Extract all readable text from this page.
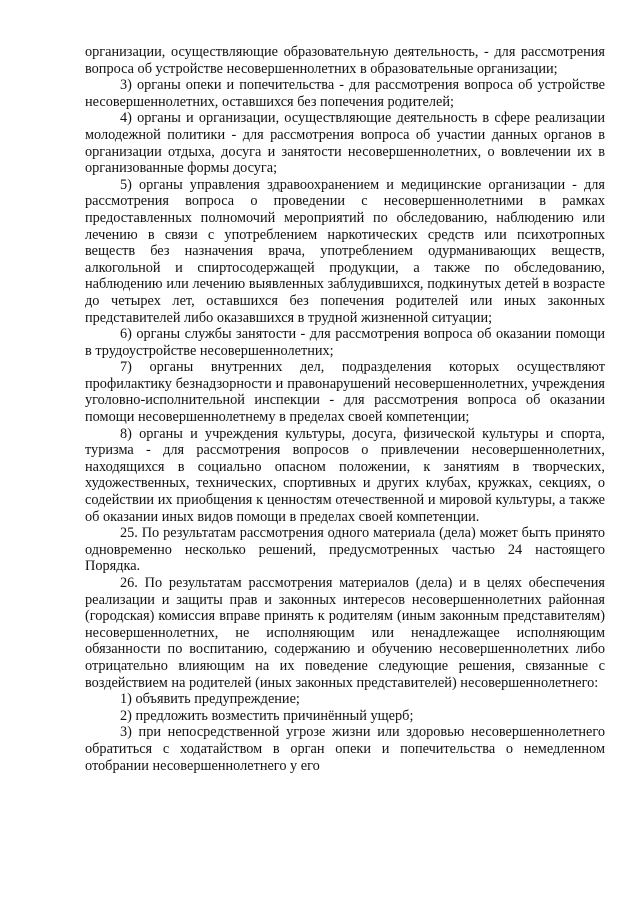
организации, осуществляющие образовательную деятельность, - для рассмотрения вопроса об устройстве несовершеннолетних в образовательные организации;

3) органы опеки и попечительства - для рассмотрения вопроса об устройстве несовершеннолетних, оставшихся без попечения родителей;

4) органы и организации, осуществляющие деятельность в сфере реализации молодежной политики - для рассмотрения вопроса об участии данных органов в организации отдыха, досуга и занятости несовершеннолетних, о вовлечении их в организованные формы досуга;

5) органы управления здравоохранением и медицинские организации - для рассмотрения вопроса о проведении с несовершеннолетними в рамках предоставленных полномочий мероприятий по обследованию, наблюдению или лечению в связи с употреблением наркотических средств или психотропных веществ без назначения врача, употреблением одурманивающих веществ, алкогольной и спиртосодержащей продукции, а также по обследованию, наблюдению или лечению выявленных заблудившихся, подкинутых детей в возрасте до четырех лет, оставшихся без попечения родителей или иных законных представителей либо оказавшихся в трудной жизненной ситуации;

6) органы службы занятости - для рассмотрения вопроса об оказании помощи в трудоустройстве несовершеннолетних;

7) органы внутренних дел, подразделения которых осуществляют профилактику безнадзорности и правонарушений несовершеннолетних, учреждения уголовно-исполнительной инспекции - для рассмотрения вопроса об оказании помощи несовершеннолетнему в пределах своей компетенции;

8) органы и учреждения культуры, досуга, физической культуры и спорта, туризма - для рассмотрения вопросов о привлечении несовершеннолетних, находящихся в социально опасном положении, к занятиям в творческих, художественных, технических, спортивных и других клубах, кружках, секциях, о содействии их приобщения к ценностям отечественной и мировой культуры, а также об оказании иных видов помощи в пределах своей компетенции.

25. По результатам рассмотрения одного материала (дела) может быть принято одновременно несколько решений, предусмотренных частью 24 настоящего Порядка.

26. По результатам рассмотрения материалов (дела) и в целях обеспечения реализации и защиты прав и законных интересов несовершеннолетних районная (городская) комиссия вправе принять к родителям (иным законным представителям) несовершеннолетних, не исполняющим или ненадлежащее исполняющим обязанности по воспитанию, содержанию и обучению несовершеннолетних либо отрицательно влияющим на их поведение следующие решения, связанные с воздействием на родителей (иных законных представителей) несовершеннолетнего:

1) объявить предупреждение;

2) предложить возместить причинённый ущерб;

3) при непосредственной угрозе жизни или здоровью несовершеннолетнего обратиться с ходатайством в орган опеки и попечительства о немедленном отобрании несовершеннолетнего у его
